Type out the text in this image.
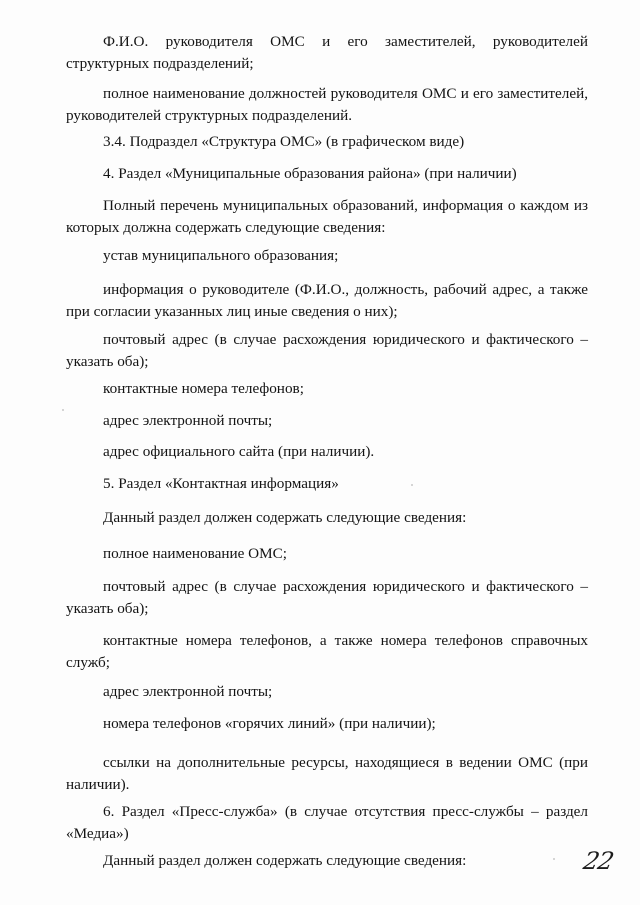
Ф.И.О. руководителя ОМС и его заместителей, руководителей структурных подразделений;

полное наименование должностей руководителя ОМС и его заместителей, руководителей структурных подразделений.

3.4. Подраздел «Структура ОМС» (в графическом виде)

4. Раздел «Муниципальные образования района» (при наличии)

Полный перечень муниципальных образований, информация о каждом из которых должна содержать следующие сведения:

устав муниципального образования;

информация о руководителе (Ф.И.О., должность, рабочий адрес, а также при согласии указанных лиц иные сведения о них);

почтовый адрес (в случае расхождения юридического и фактического – указать оба);

контактные номера телефонов;

адрес электронной почты;

адрес официального сайта (при наличии).

5. Раздел «Контактная информация»

Данный раздел должен содержать следующие сведения:

полное наименование ОМС;

почтовый адрес (в случае расхождения юридического и фактического – указать оба);

контактные номера телефонов, а также номера телефонов справочных служб;

адрес электронной почты;

номера телефонов «горячих линий» (при наличии);

ссылки на дополнительные ресурсы, находящиеся в ведении ОМС (при наличии).

6. Раздел «Пресс-служба» (в случае отсутствия пресс-службы – раздел «Медиа»)

Данный раздел должен содержать следующие сведения:	22
